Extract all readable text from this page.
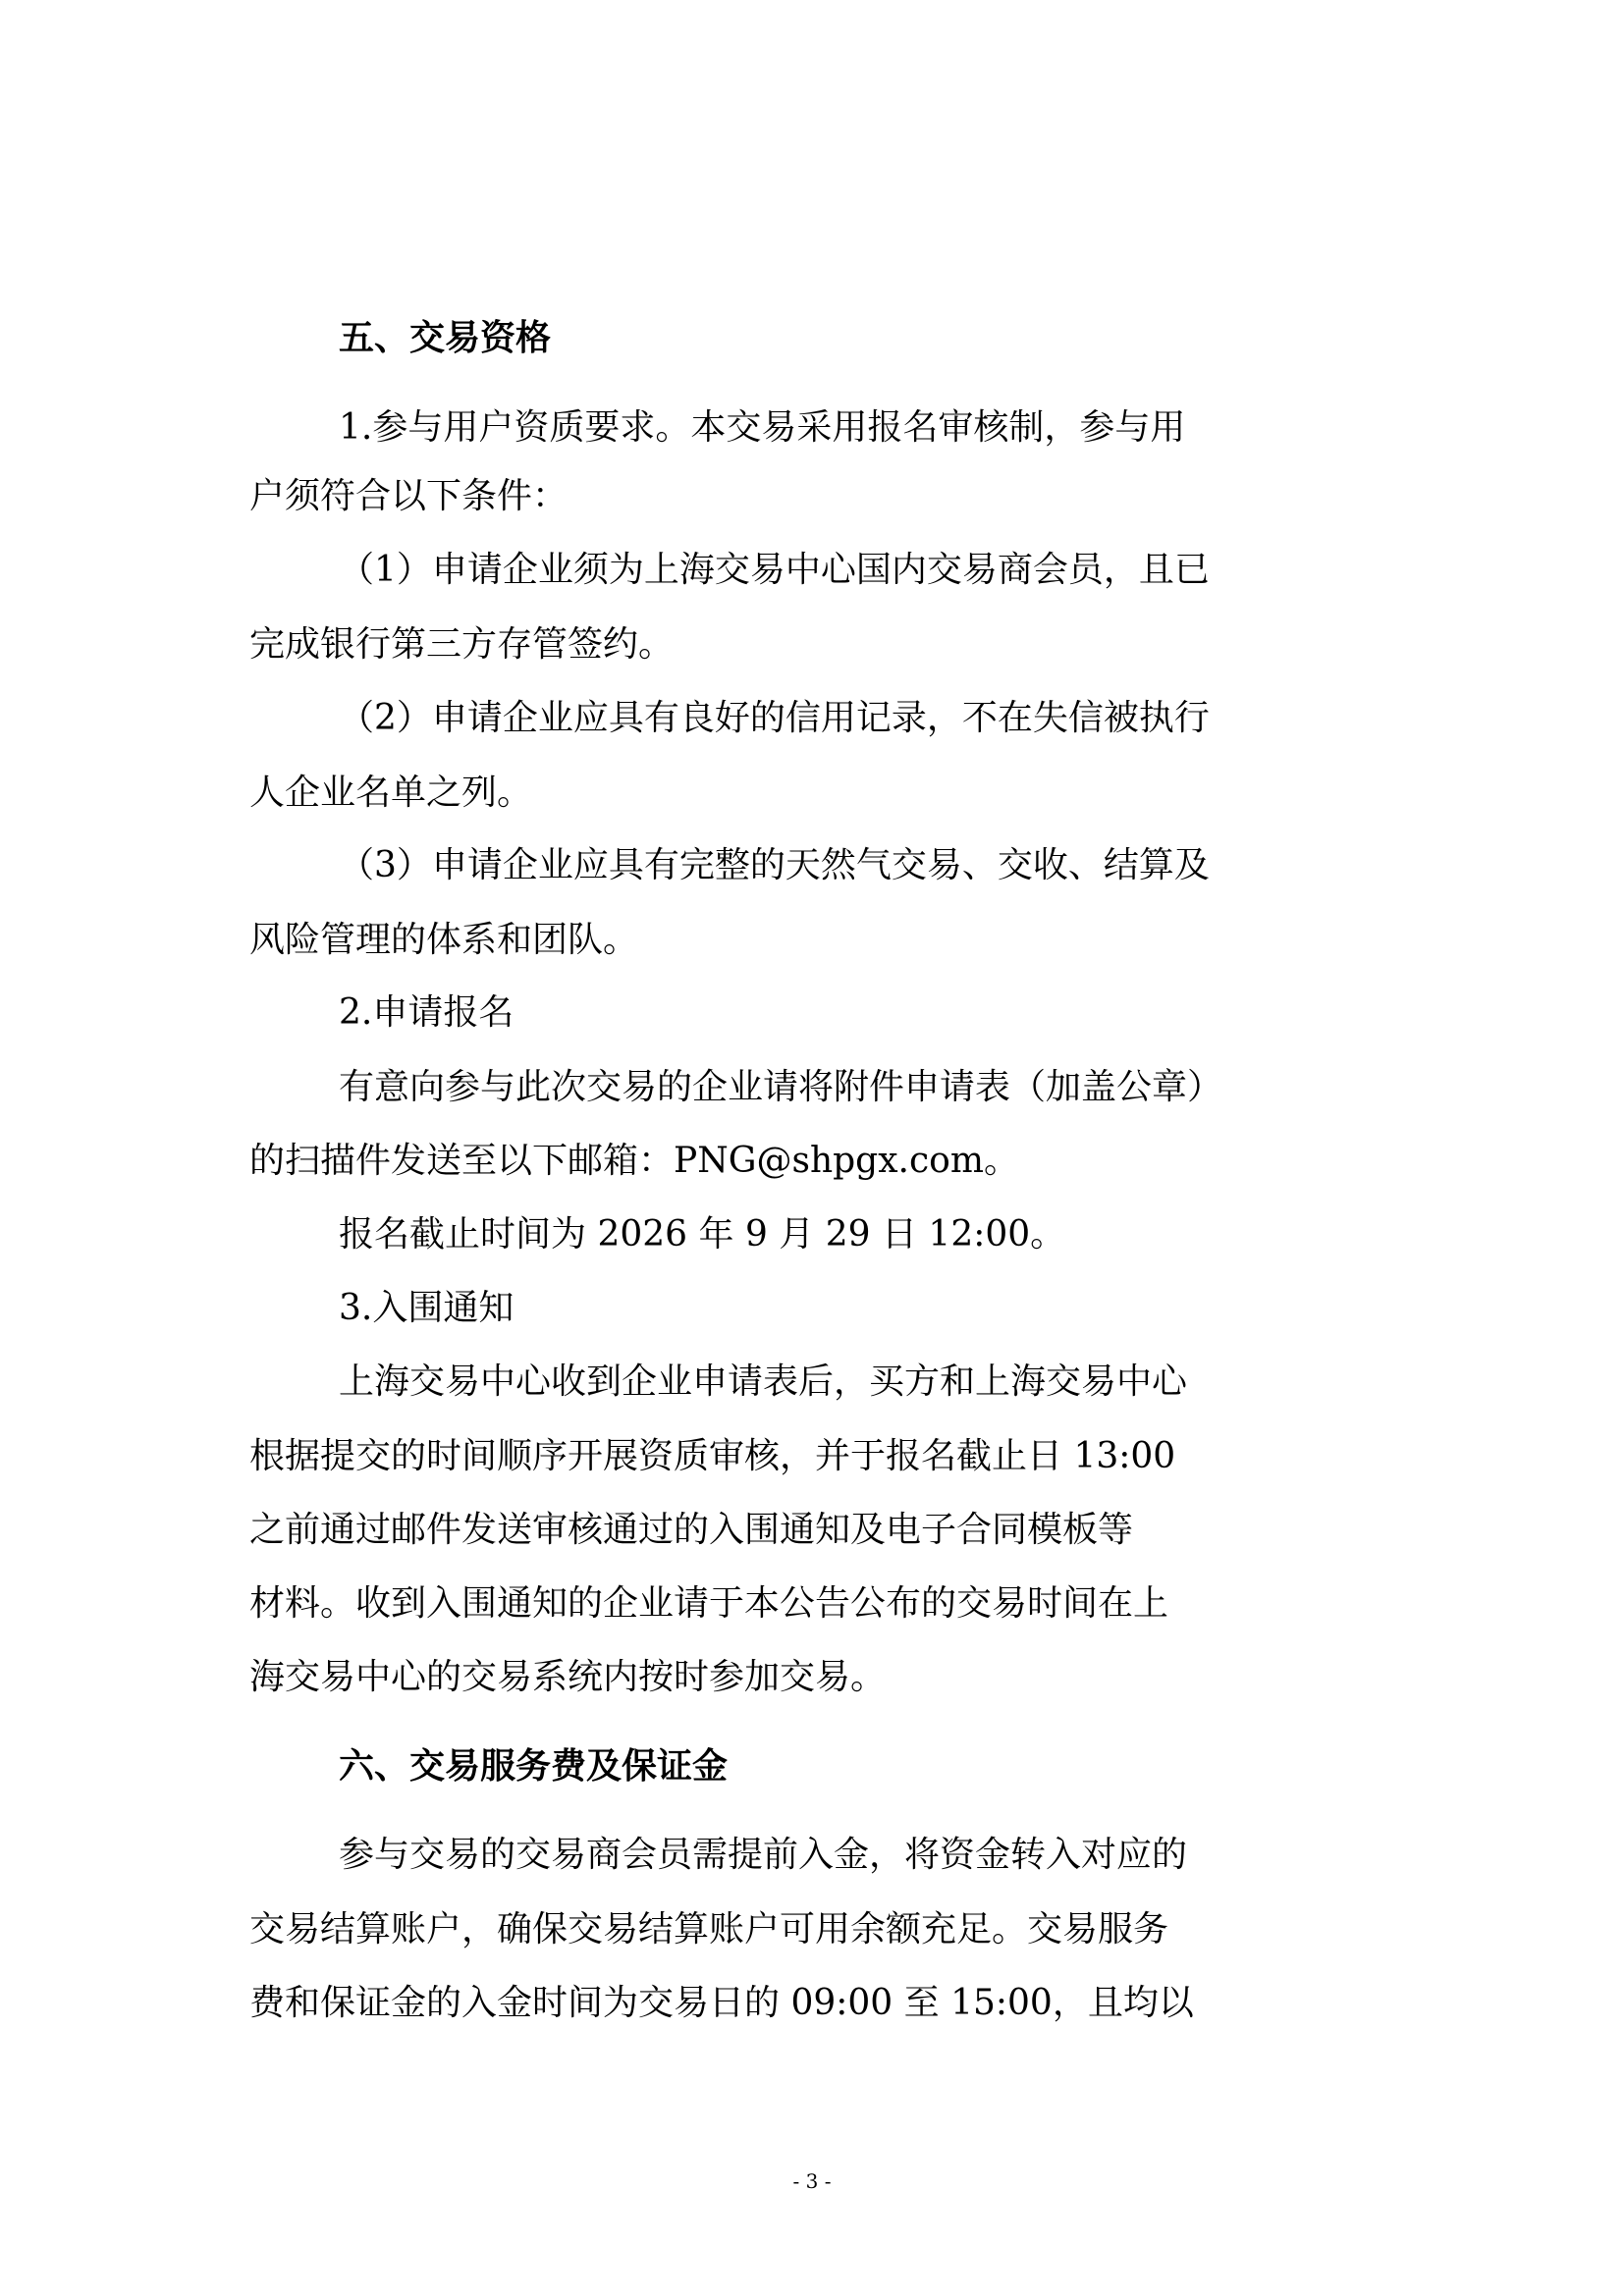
五、交易资格
1.参与用户资质要求。本交易采用报名审核制，参与用
户须符合以下条件：
（1）申请企业须为上海交易中心国内交易商会员，且已
完成银行第三方存管签约。
（2）申请企业应具有良好的信用记录，不在失信被执行
人企业名单之列。
（3）申请企业应具有完整的天然气交易、交收、结算及
风险管理的体系和团队。
2.申请报名
有意向参与此次交易的企业请将附件申请表（加盖公章）
的扫描件发送至以下邮箱：PNG@shpgx.com。
报名截止时间为 2026 年 9 月 29 日 12:00。
3.入围通知
上海交易中心收到企业申请表后，买方和上海交易中心
根据提交的时间顺序开展资质审核，并于报名截止日 13:00
之前通过邮件发送审核通过的入围通知及电子合同模板等
材料。收到入围通知的企业请于本公告公布的交易时间在上
海交易中心的交易系统内按时参加交易。
六、交易服务费及保证金
参与交易的交易商会员需提前入金，将资金转入对应的
交易结算账户，确保交易结算账户可用余额充足。交易服务
费和保证金的入金时间为交易日的 09:00 至 15:00，且均以
- 3 -
